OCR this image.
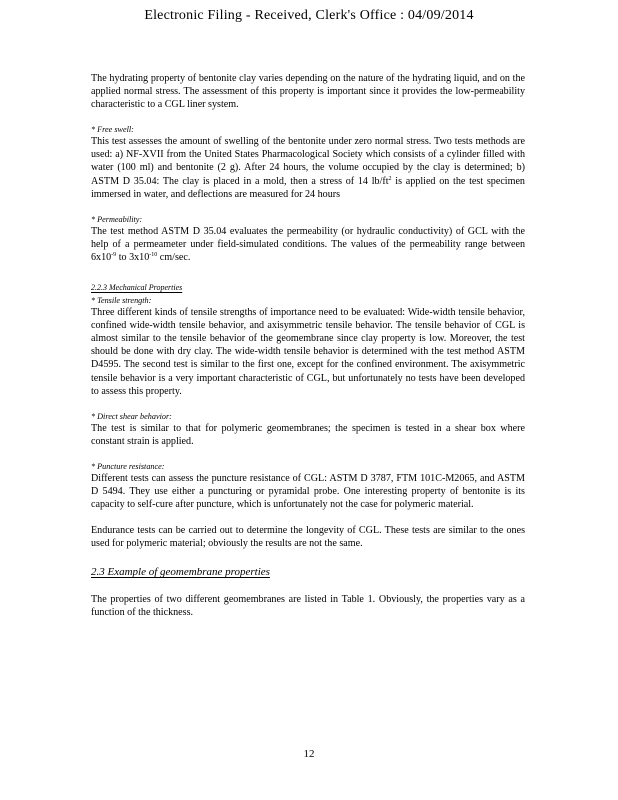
Electronic Filing - Received, Clerk's Office : 04/09/2014

The hydrating property of bentonite clay varies depending on the nature of the hydrating liquid, and on the applied normal stress. The assessment of this property is important since it provides the low-permeability characteristic to a CGL liner system.

* Free swell:

This test assesses the amount of swelling of the bentonite under zero normal stress. Two tests methods are used: a) NF-XVII from the United States Pharmacological Society which consists of a cylinder filled with water (100 ml) and bentonite (2 g). After 24 hours, the volume occupied by the clay is determined; b) ASTM D 35.04: The clay is placed in a mold, then a stress of 14 $lb/ft^2$ is applied on the test specimen immersed in water, and deflections are measured for 24 hours

* Permeability:

The test method ASTM D 35.04 evaluates the permeability (or hydraulic conductivity) of GCL with the help of a permeameter under field-simulated conditions. The values of the permeability range between $6x10^{-9}$ to $3x10^{-10}$ cm/sec.

2.2.3 Mechanical Properties

* Tensile strength:

Three different kinds of tensile strengths of importance need to be evaluated: Wide-width tensile behavior, confined wide-width tensile behavior, and axisymmetric tensile behavior. The tensile behavior of CGL is almost similar to the tensile behavior of the geomembrane since clay property is low. Moreover, the test should be done with dry clay. The wide-width tensile behavior is determined with the test method ASTM D4595. The second test is similar to the first one, except for the confined environment. The axisymmetric tensile behavior is a very important characteristic of CGL, but unfortunately no tests have been developed to assess this property.

* Direct shear behavior:

The test is similar to that for polymeric geomembranes; the specimen is tested in a shear box where constant strain is applied.

* Puncture resistance:

Different tests can assess the puncture resistance of CGL: ASTM D 3787, FTM 101C-M2065, and ASTM D 5494. They use either a puncturing or pyramidal probe. One interesting property of bentonite is its capacity to self-cure after puncture, which is unfortunately not the case for polymeric material.

Endurance tests can be carried out to determine the longevity of CGL. These tests are similar to the ones used for polymeric material; obviously the results are not the same.

2.3 Example of geomembrane properties

The properties of two different geomembranes are listed in Table 1. Obviously, the properties vary as a function of the thickness.

12
